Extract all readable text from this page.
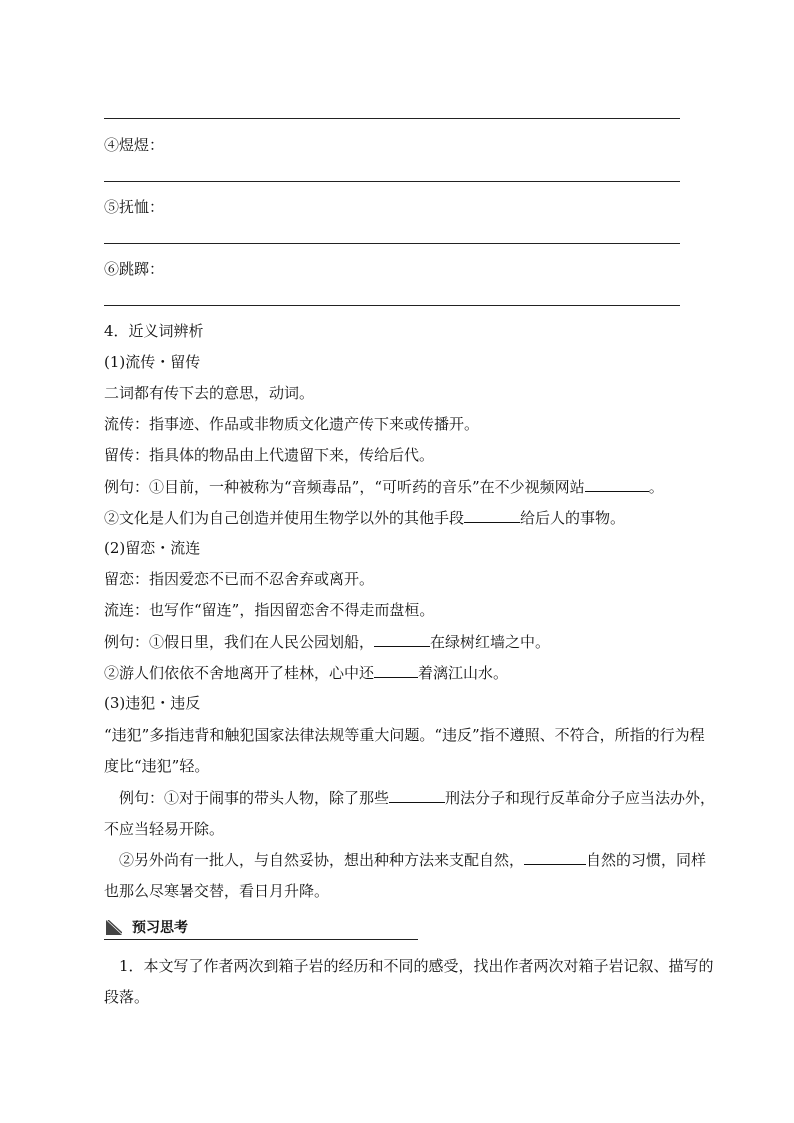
④煜煜：
⑤抚恤：
⑥跳踯：
4．近义词辨析
(1)流传・留传
二词都有传下去的意思，动词。
流传：指事迹、作品或非物质文化遗产传下来或传播开。
留传：指具体的物品由上代遗留下来，传给后代。
例句：①目前，一种被称为“音频毒品”，“可听药的音乐”在不少视频网站	。
②文化是人们为自己创造并使用生物学以外的其他手段	给后人的事物。
(2)留恋・流连
留恋：指因爱恋不已而不忍舍弃或离开。
流连：也写作“留连”，指因留恋舍不得走而盘桓。
例句：①假日里，我们在人民公园划船，	在绿树红墙之中。
②游人们依依不舍地离开了桂林，心中还	着漓江山水。
(3)违犯・违反
“违犯”多指违背和触犯国家法律法规等重大问题。“违反”指不遵照、不符合，所指的行为程度比“违犯”轻。
例句：①对于闹事的带头人物，除了那些	刑法分子和现行反革命分子应当法办外，不应当轻易开除。
②另外尚有一批人，与自然妥协，想出种种方法来支配自然，	自然的习惯，同样也那么尽寒暑交替，看日月升降。
预习思考
1．本文写了作者两次到箱子岩的经历和不同的感受，找出作者两次对箱子岩记叙、描写的段落。
